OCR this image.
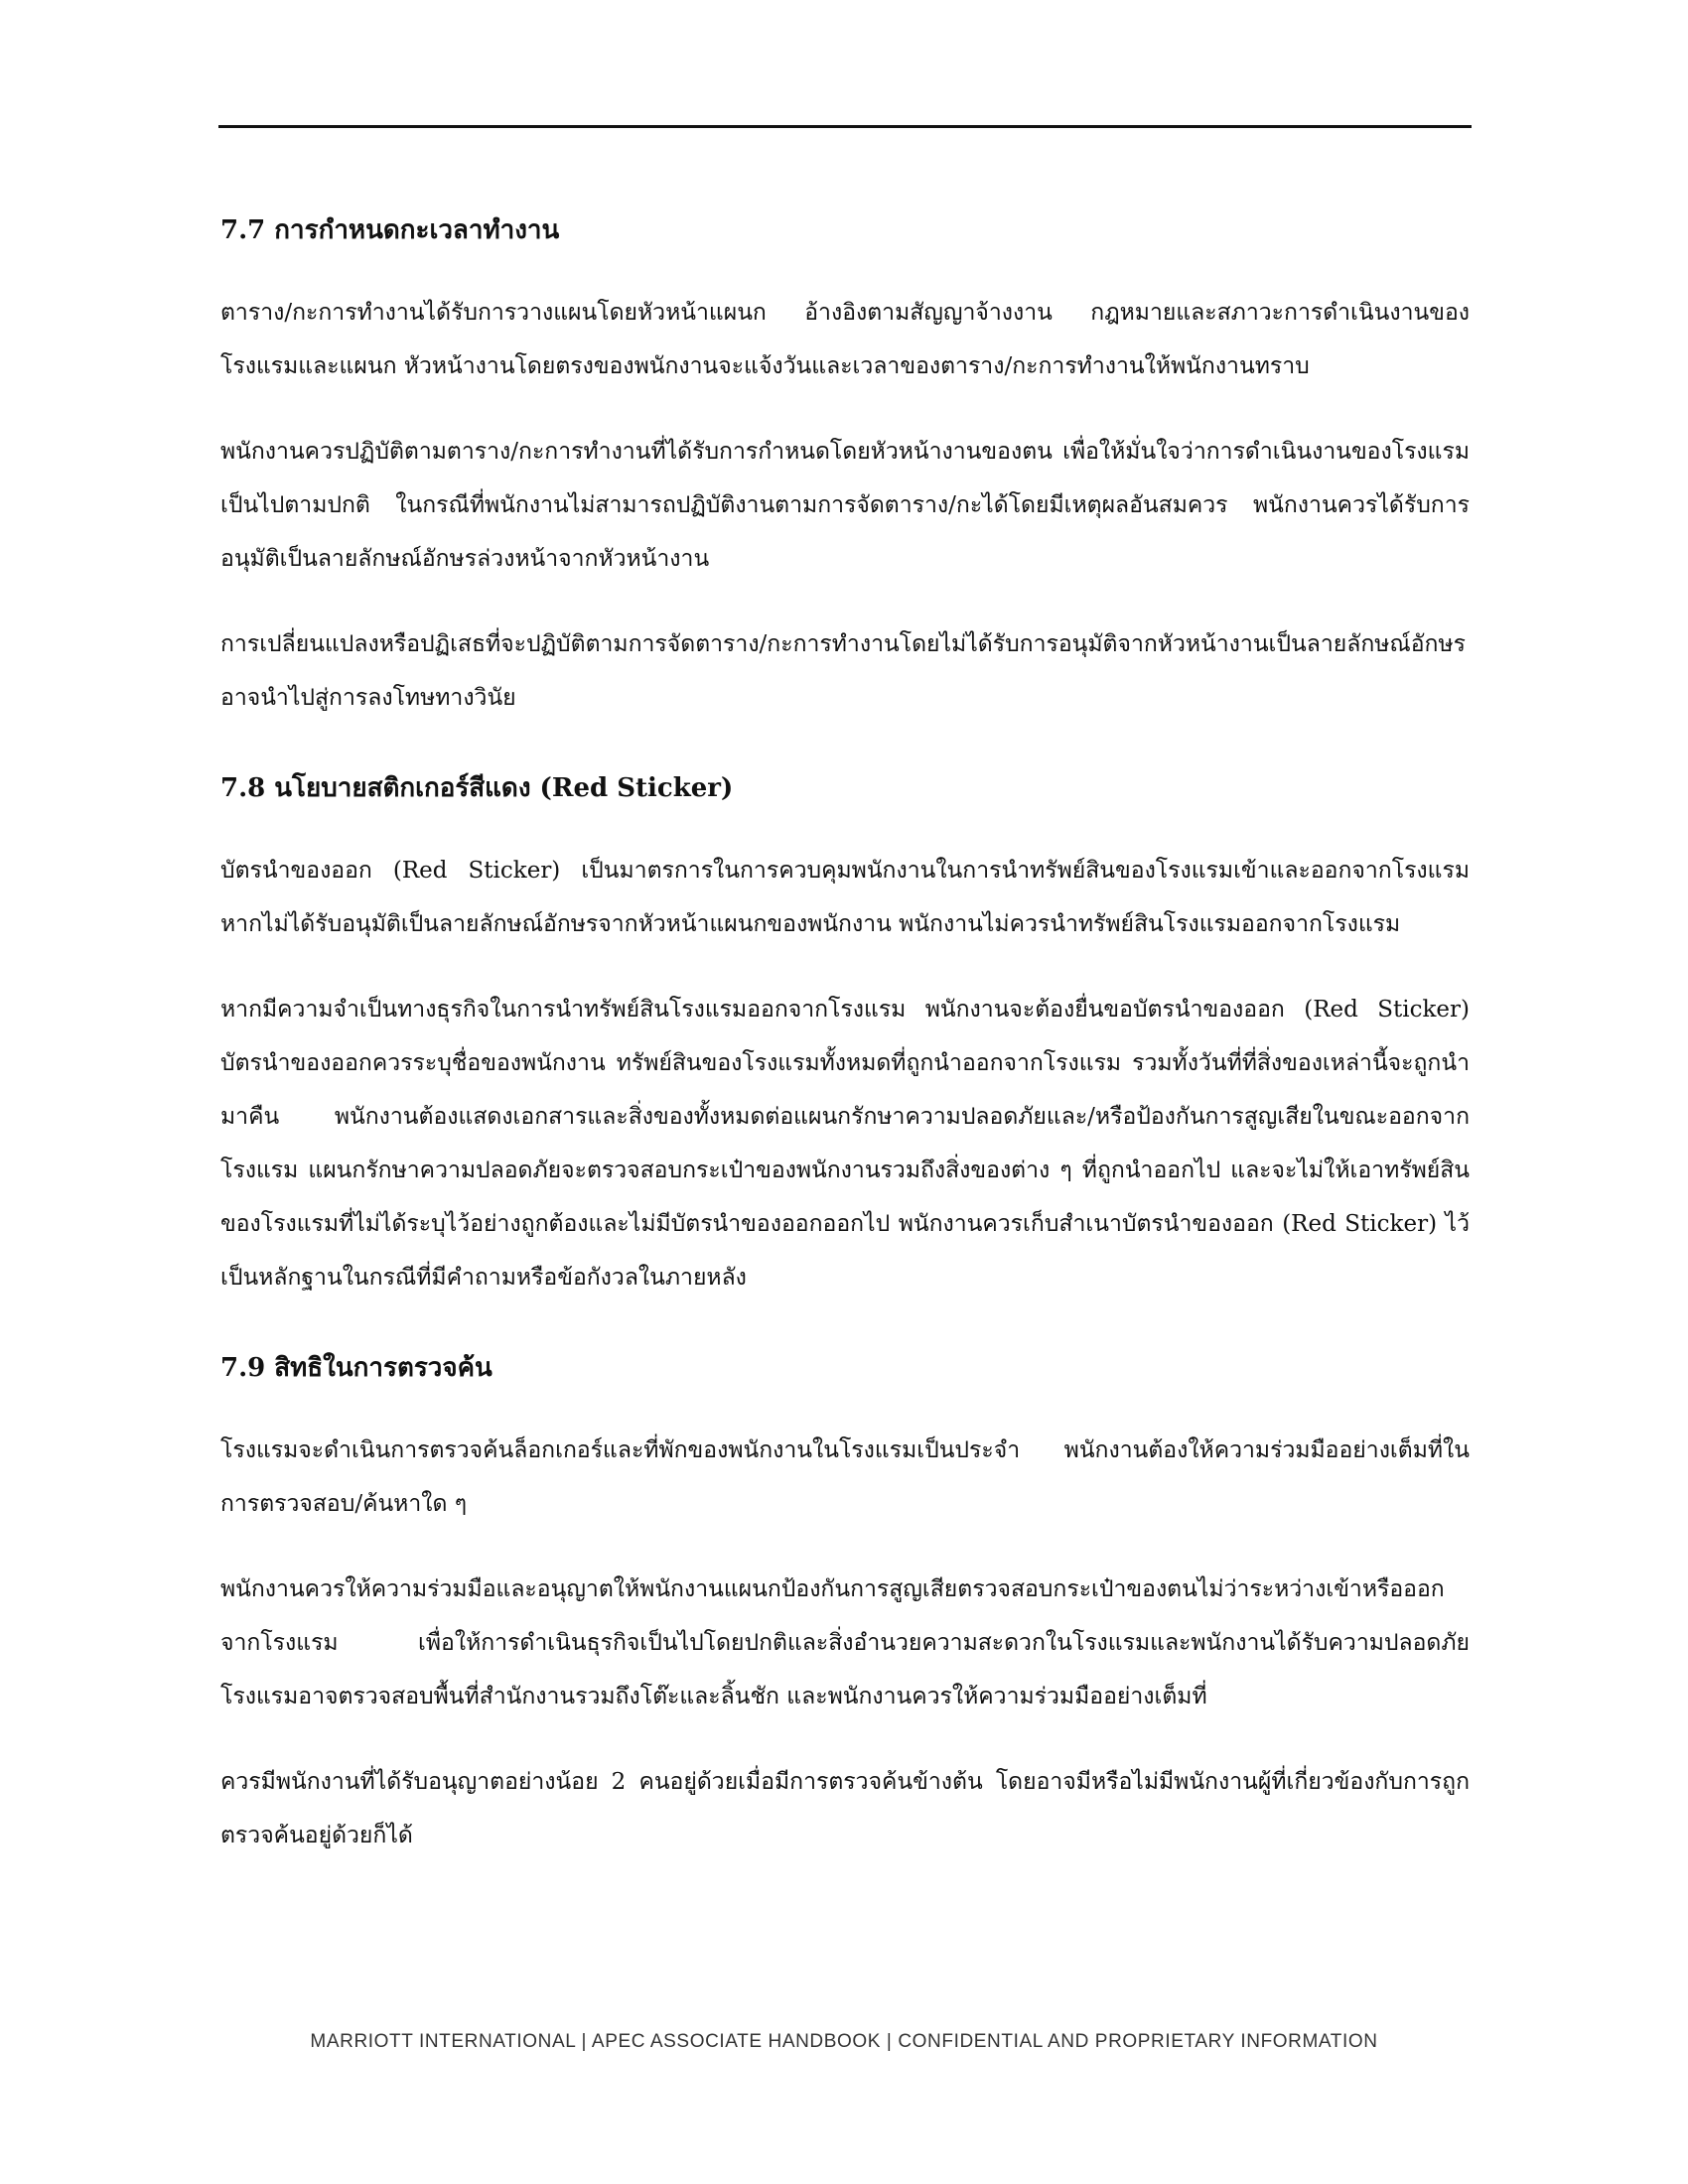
7.7 การกำหนดกะเวลาทำงาน

ตาราง/กะการทำงานได้รับการวางแผนโดยหัวหน้าแผนก อ้างอิงตามสัญญาจ้างงาน กฎหมายและสภาวะการดำเนินงานของโรงแรมและแผนก หัวหน้างานโดยตรงของพนักงานจะแจ้งวันและเวลาของตาราง/กะการทำงานให้พนักงานทราบ

พนักงานควรปฏิบัติตามตาราง/กะการทำงานที่ได้รับการกำหนดโดยหัวหน้างานของตน เพื่อให้มั่นใจว่าการดำเนินงานของโรงแรมเป็นไปตามปกติ ในกรณีที่พนักงานไม่สามารถปฏิบัติงานตามการจัดตาราง/กะได้โดยมีเหตุผลอันสมควร พนักงานควรได้รับการอนุมัติเป็นลายลักษณ์อักษรล่วงหน้าจากหัวหน้างาน

การเปลี่ยนแปลงหรือปฏิเสธที่จะปฏิบัติตามการจัดตาราง/กะการทำงานโดยไม่ได้รับการอนุมัติจากหัวหน้างานเป็นลายลักษณ์อักษรอาจนำไปสู่การลงโทษทางวินัย

7.8 นโยบายสติกเกอร์สีแดง (Red Sticker)

บัตรนำของออก (Red Sticker) เป็นมาตรการในการควบคุมพนักงานในการนำทรัพย์สินของโรงแรมเข้าและออกจากโรงแรม หากไม่ได้รับอนุมัติเป็นลายลักษณ์อักษรจากหัวหน้าแผนกของพนักงาน พนักงานไม่ควรนำทรัพย์สินโรงแรมออกจากโรงแรม

หากมีความจำเป็นทางธุรกิจในการนำทรัพย์สินโรงแรมออกจากโรงแรม พนักงานจะต้องยื่นขอบัตรนำของออก (Red Sticker) บัตรนำของออกควรระบุชื่อของพนักงาน ทรัพย์สินของโรงแรมทั้งหมดที่ถูกนำออกจากโรงแรม รวมทั้งวันที่ที่สิ่งของเหล่านี้จะถูกนำมาคืน พนักงานต้องแสดงเอกสารและสิ่งของทั้งหมดต่อแผนกรักษาความปลอดภัยและ/หรือป้องกันการสูญเสียในขณะออกจากโรงแรม แผนกรักษาความปลอดภัยจะตรวจสอบกระเป๋าของพนักงานรวมถึงสิ่งของต่าง ๆ ที่ถูกนำออกไป และจะไม่ให้เอาทรัพย์สินของโรงแรมที่ไม่ได้ระบุไว้อย่างถูกต้องและไม่มีบัตรนำของออกออกไป พนักงานควรเก็บสำเนาบัตรนำของออก (Red Sticker) ไว้เป็นหลักฐานในกรณีที่มีคำถามหรือข้อกังวลในภายหลัง

7.9 สิทธิในการตรวจค้น

โรงแรมจะดำเนินการตรวจค้นล็อกเกอร์และที่พักของพนักงานในโรงแรมเป็นประจำ พนักงานต้องให้ความร่วมมืออย่างเต็มที่ในการตรวจสอบ/ค้นหาใด ๆ

พนักงานควรให้ความร่วมมือและอนุญาตให้พนักงานแผนกป้องกันการสูญเสียตรวจสอบกระเป๋าของตนไม่ว่าระหว่างเข้าหรือออกจากโรงแรม เพื่อให้การดำเนินธุรกิจเป็นไปโดยปกติและสิ่งอำนวยความสะดวกในโรงแรมและพนักงานได้รับความปลอดภัย โรงแรมอาจตรวจสอบพื้นที่สำนักงานรวมถึงโต๊ะและลิ้นชัก และพนักงานควรให้ความร่วมมืออย่างเต็มที่

ควรมีพนักงานที่ได้รับอนุญาตอย่างน้อย 2 คนอยู่ด้วยเมื่อมีการตรวจค้นข้างต้น โดยอาจมีหรือไม่มีพนักงานผู้ที่เกี่ยวข้องกับการถูกตรวจค้นอยู่ด้วยก็ได้

MARRIOTT INTERNATIONAL | APEC ASSOCIATE HANDBOOK | CONFIDENTIAL AND PROPRIETARY INFORMATION
